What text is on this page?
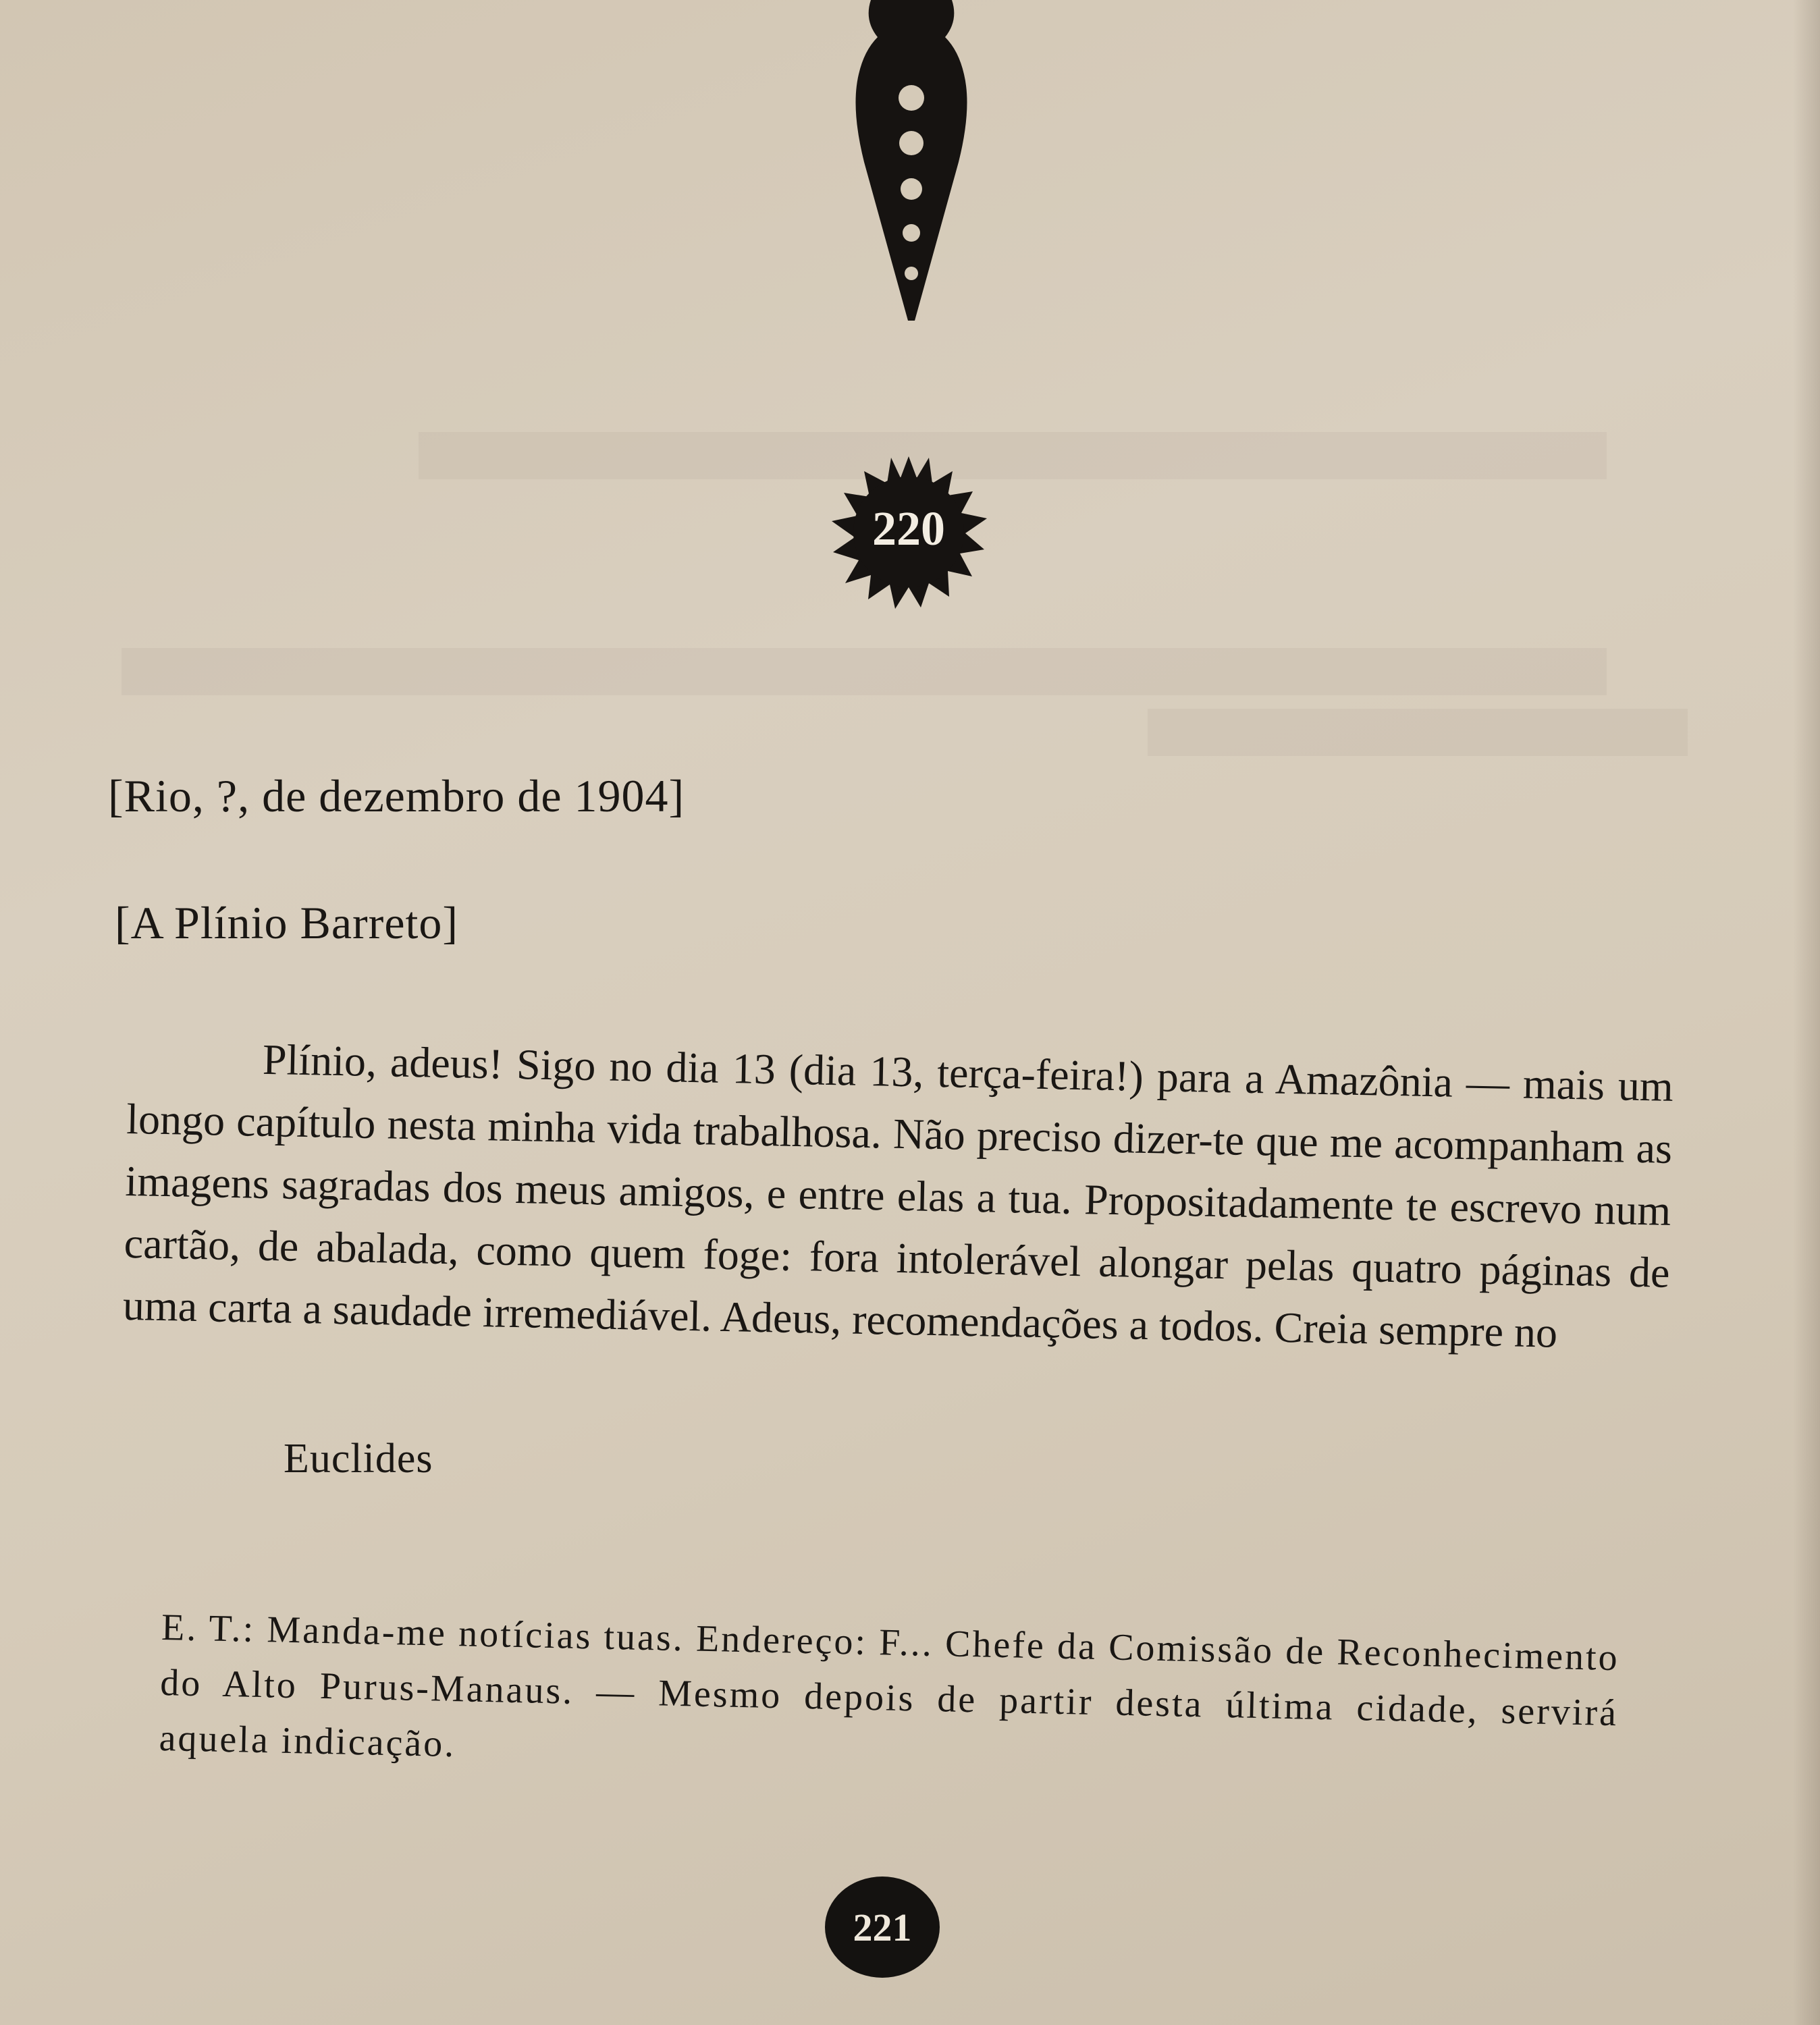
220
[Rio, ?, de dezembro de 1904]
[A Plínio Barreto]

Plínio, adeus! Sigo no dia 13 (dia 13, terça-feira!) para a Amazônia — mais um longo capítulo nesta minha vida trabalhosa. Não preciso dizer-te que me acompanham as imagens sagradas dos meus amigos, e entre elas a tua. Propositadamente te escrevo num cartão, de abalada, como quem foge: fora intolerável alongar pelas quatro páginas de uma carta a saudade irremediável. Adeus, recomendações a todos. Creia sempre no

Euclides

E. T.: Manda-me notícias tuas. Endereço: F... Chefe da Comissão de Reconhecimento do Alto Purus-Manaus. — Mesmo depois de partir desta última cidade, servirá aquela indicação.

221
